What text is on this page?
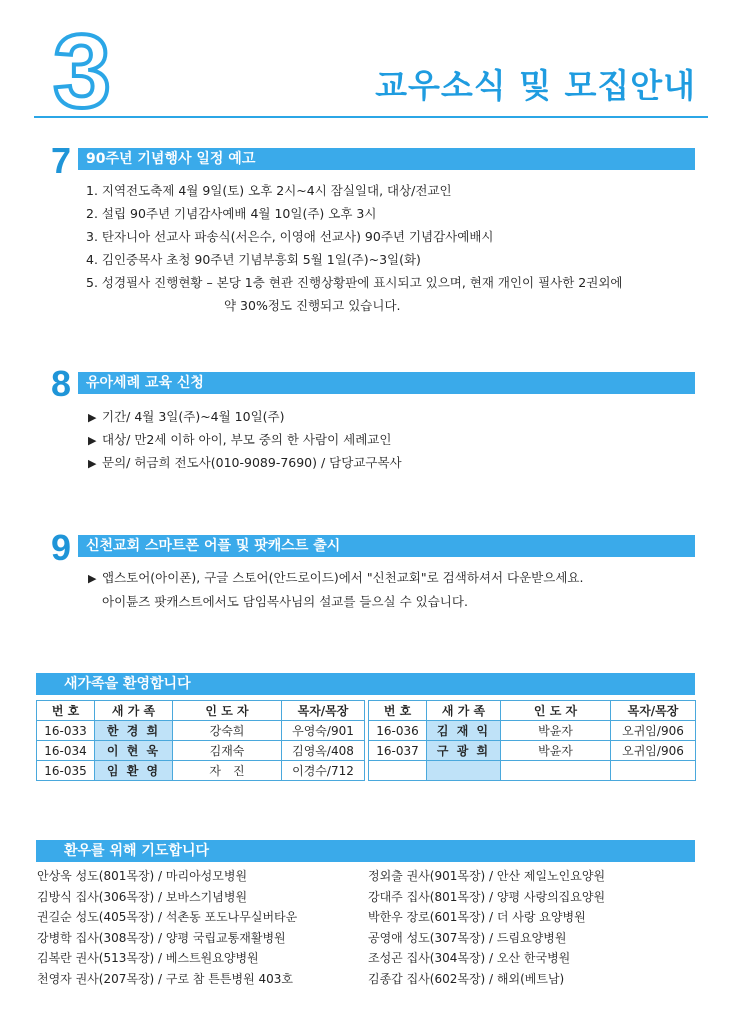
3	교우소식 및 모집안내
7	90주년 기념행사 일정 예고
1. 지역전도축제 4월 9일(토) 오후 2시~4시 잠실일대, 대상/전교인
2. 설립 90주년 기념감사예배 4월 10일(주) 오후 3시
3. 탄자니아 선교사 파송식(서은수, 이영애 선교사) 90주년 기념감사예배시
4. 김인중목사 초청 90주년 기념부흥회 5월 1일(주)~3일(화)
5. 성경필사 진행현황 – 본당 1층 현관 진행상황판에 표시되고 있으며, 현재 개인이 필사한 2권외에
약 30%정도 진행되고 있습니다.
8	유아세례 교육 신청
▶ 기간/ 4월 3일(주)~4월 10일(주)
▶ 대상/ 만2세 이하 아이, 부모 중의 한 사람이 세례교인
▶ 문의/ 허금희 전도사(010-9089-7690) / 담당교구목사
9	신천교회 스마트폰 어플 및 팟캐스트 출시
▶ 앱스토어(아이폰), 구글 스토어(안드로이드)에서 "신천교회"로 검색하셔서 다운받으세요.
아이튠즈 팟캐스트에서도 담임목사님의 설교를 들으실 수 있습니다.
새가족을 환영합니다
번 호	새 가 족	인 도 자	목자/목장
16-033	한 경 희	강숙희	우영숙/901
16-034	이 현 욱	김재숙	김영옥/408
16-035	임 환 영	자　진	이경수/712
번 호	새 가 족	인 도 자	목자/목장
16-036	김 재 익	박윤자	오귀임/906
16-037	구 광 희	박윤자	오귀임/906

환우를 위해 기도합니다
안상욱 성도(801목장) / 마리아성모병원
김방식 집사(306목장) / 보바스기념병원
권길순 성도(405목장) / 석촌동 포도나무실버타운
강병학 집사(308목장) / 양평 국립교통재활병원
김복란 권사(513목장) / 베스트원요양병원
천영자 권사(207목장) / 구로 참 튼튼병원 403호
정외출 권사(901목장) / 안산 제일노인요양원
강대주 집사(801목장) / 양평 사랑의집요양원
박한우 장로(601목장) / 더 사랑 요양병원
공영애 성도(307목장) / 드림요양병원
조성곤 집사(304목장) / 오산 한국병원
김종갑 집사(602목장) / 해외(베트남)
